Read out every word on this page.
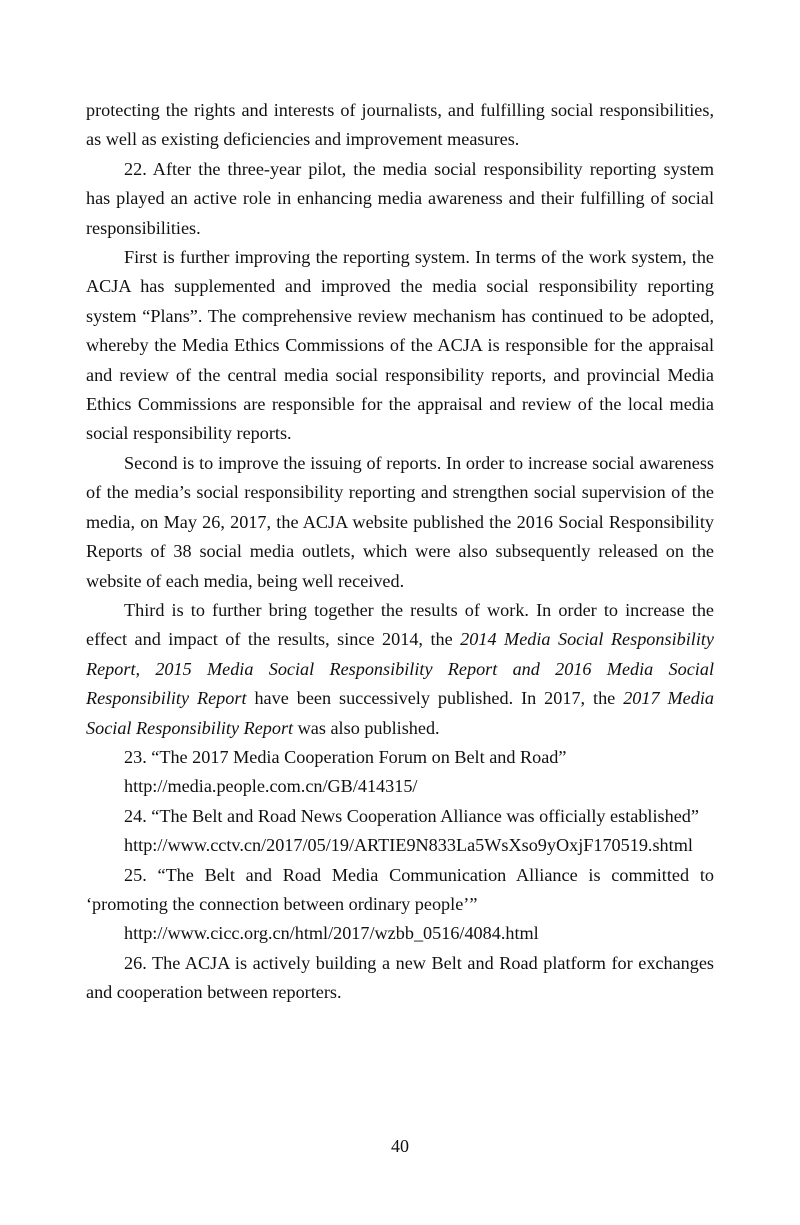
protecting the rights and interests of journalists, and fulfilling social responsibilities, as well as existing deficiencies and improvement measures.

22. After the three-year pilot, the media social responsibility reporting system has played an active role in enhancing media awareness and their fulfilling of social responsibilities.

First is further improving the reporting system. In terms of the work system, the ACJA has supplemented and improved the media social responsibility reporting system “Plans”. The comprehensive review mechanism has continued to be adopted, whereby the Media Ethics Commissions of the ACJA is responsible for the appraisal and review of the central media social responsibility reports, and provincial Media Ethics Commissions are responsible for the appraisal and review of the local media social responsibility reports.

Second is to improve the issuing of reports. In order to increase social awareness of the media’s social responsibility reporting and strengthen social supervision of the media, on May 26, 2017, the ACJA website published the 2016 Social Responsibility Reports of 38 social media outlets, which were also subsequently released on the website of each media, being well received.

Third is to further bring together the results of work. In order to increase the effect and impact of the results, since 2014, the 2014 Media Social Responsibility Report, 2015 Media Social Responsibility Report and 2016 Media Social Responsibility Report have been successively published. In 2017, the 2017 Media Social Responsibility Report was also published.

23. “The 2017 Media Cooperation Forum on Belt and Road”

http://media.people.com.cn/GB/414315/

24. “The Belt and Road News Cooperation Alliance was officially established”

http://www.cctv.cn/2017/05/19/ARTIE9N833La5WsXso9yOxjF170519.shtml

25. “The Belt and Road Media Communication Alliance is committed to ‘promoting the connection between ordinary people’”

http://www.cicc.org.cn/html/2017/wzbb_0516/4084.html

26. The ACJA is actively building a new Belt and Road platform for exchanges and cooperation between reporters.

40
